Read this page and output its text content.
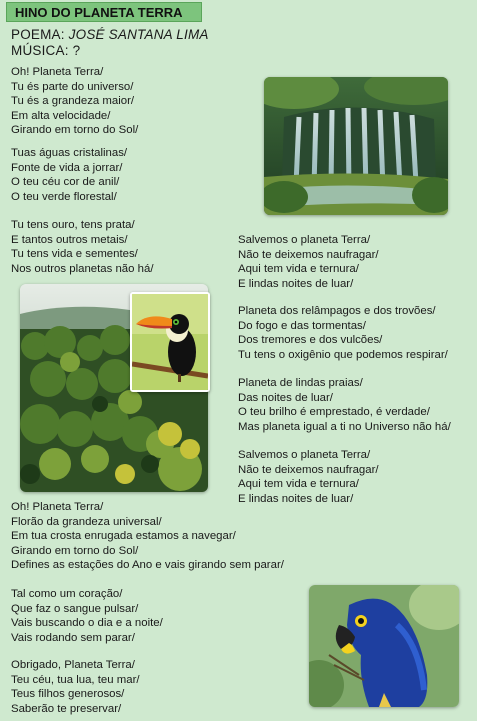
HINO DO PLANETA TERRA
POEMA: JOSÉ SANTANA LIMA
MÚSICA: ?
Oh! Planeta Terra/
Tu és parte do universo/
Tu és a grandeza maior/
Em alta velocidade/
Girando em torno do Sol/
Tuas águas cristalinas/
Fonte de vida a jorrar/
O teu céu cor de anil/
O teu verde florestal/
Tu tens ouro, tens prata/
E tantos outros metais/
Tu tens vida e sementes/
Nos outros planetas não há/
Salvemos o planeta Terra/
Não te deixemos naufragar/
Aqui tem vida e ternura/
E lindas noites de luar/
Planeta dos relâmpagos e dos trovões/
Do fogo e das tormentas/
Dos tremores e dos vulcões/
Tu tens o oxigênio que podemos respirar/
Planeta de lindas praias/
Das noites de luar/
O teu brilho é emprestado, é verdade/
Mas planeta igual a ti no Universo não há/
Salvemos o planeta Terra/
Não te deixemos naufragar/
Aqui tem vida e ternura/
E lindas noites de luar/
Oh! Planeta Terra/
Florão da grandeza universal/
Em tua crosta enrugada estamos a navegar/
Girando em torno do Sol/
Defines as estações do Ano e vais girando sem parar/
Tal como um coração/
Que faz o sangue pulsar/
Vais buscando o dia e a noite/
Vais rodando sem parar/
Obrigado, Planeta Terra/
Teu céu, tua lua, teu mar/
Teus filhos generosos/
Saberão te preservar/
